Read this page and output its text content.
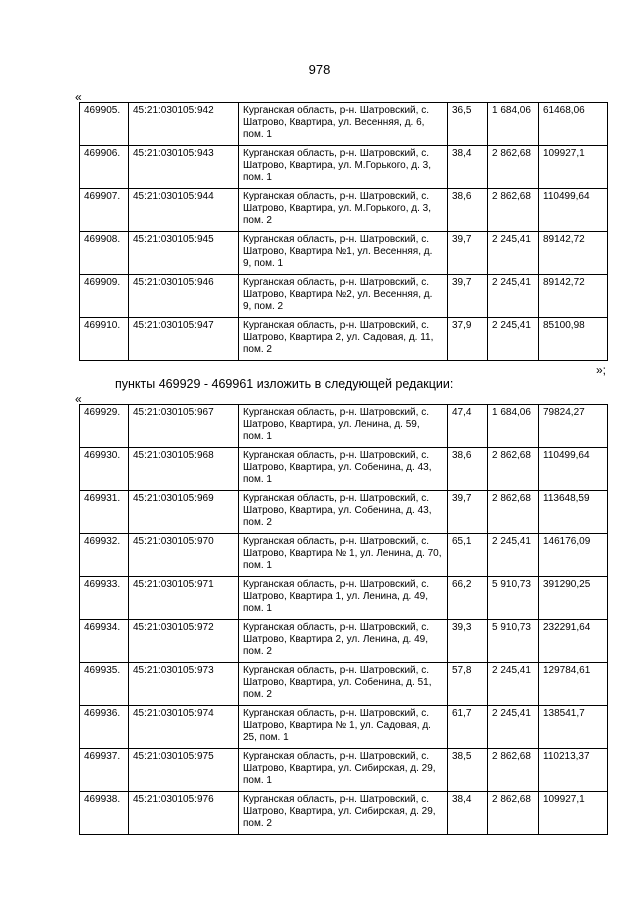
978
«
469905.	45:21:030105:942	Курганская область, р-н. Шатровский, с. Шатрово, Квартира, ул. Весенняя, д. 6, пом. 1	36,5	1 684,06	61468,06
469906.	45:21:030105:943	Курганская область, р-н. Шатровский, с. Шатрово, Квартира, ул. М.Горького, д. 3, пом. 1	38,4	2 862,68	109927,1
469907.	45:21:030105:944	Курганская область, р-н. Шатровский, с. Шатрово, Квартира, ул. М.Горького, д. 3, пом. 2	38,6	2 862,68	110499,64
469908.	45:21:030105:945	Курганская область, р-н. Шатровский, с. Шатрово, Квартира №1, ул. Весенняя, д. 9, пом. 1	39,7	2 245,41	89142,72
469909.	45:21:030105:946	Курганская область, р-н. Шатровский, с. Шатрово, Квартира №2, ул. Весенняя, д. 9, пом. 2	39,7	2 245,41	89142,72
469910.	45:21:030105:947	Курганская область, р-н. Шатровский, с. Шатрово, Квартира 2, ул. Садовая, д. 11, пом. 2	37,9	2 245,41	85100,98
»;
пункты 469929 - 469961 изложить в следующей редакции:
«
469929.	45:21:030105:967	Курганская область, р-н. Шатровский, с. Шатрово, Квартира, ул. Ленина, д. 59, пом. 1	47,4	1 684,06	79824,27
469930.	45:21:030105:968	Курганская область, р-н. Шатровский, с. Шатрово, Квартира, ул. Собенина, д. 43, пом. 1	38,6	2 862,68	110499,64
469931.	45:21:030105:969	Курганская область, р-н. Шатровский, с. Шатрово, Квартира, ул. Собенина, д. 43, пом. 2	39,7	2 862,68	113648,59
469932.	45:21:030105:970	Курганская область, р-н. Шатровский, с. Шатрово, Квартира № 1, ул. Ленина, д. 70, пом. 1	65,1	2 245,41	146176,09
469933.	45:21:030105:971	Курганская область, р-н. Шатровский, с. Шатрово, Квартира 1, ул. Ленина, д. 49, пом. 1	66,2	5 910,73	391290,25
469934.	45:21:030105:972	Курганская область, р-н. Шатровский, с. Шатрово, Квартира 2, ул. Ленина, д. 49, пом. 2	39,3	5 910,73	232291,64
469935.	45:21:030105:973	Курганская область, р-н. Шатровский, с. Шатрово, Квартира, ул. Собенина, д. 51, пом. 2	57,8	2 245,41	129784,61
469936.	45:21:030105:974	Курганская область, р-н. Шатровский, с. Шатрово, Квартира № 1, ул. Садовая, д. 25, пом. 1	61,7	2 245,41	138541,7
469937.	45:21:030105:975	Курганская область, р-н. Шатровский, с. Шатрово, Квартира, ул. Сибирская, д. 29, пом. 1	38,5	2 862,68	110213,37
469938.	45:21:030105:976	Курганская область, р-н. Шатровский, с. Шатрово, Квартира, ул. Сибирская, д. 29, пом. 2	38,4	2 862,68	109927,1
